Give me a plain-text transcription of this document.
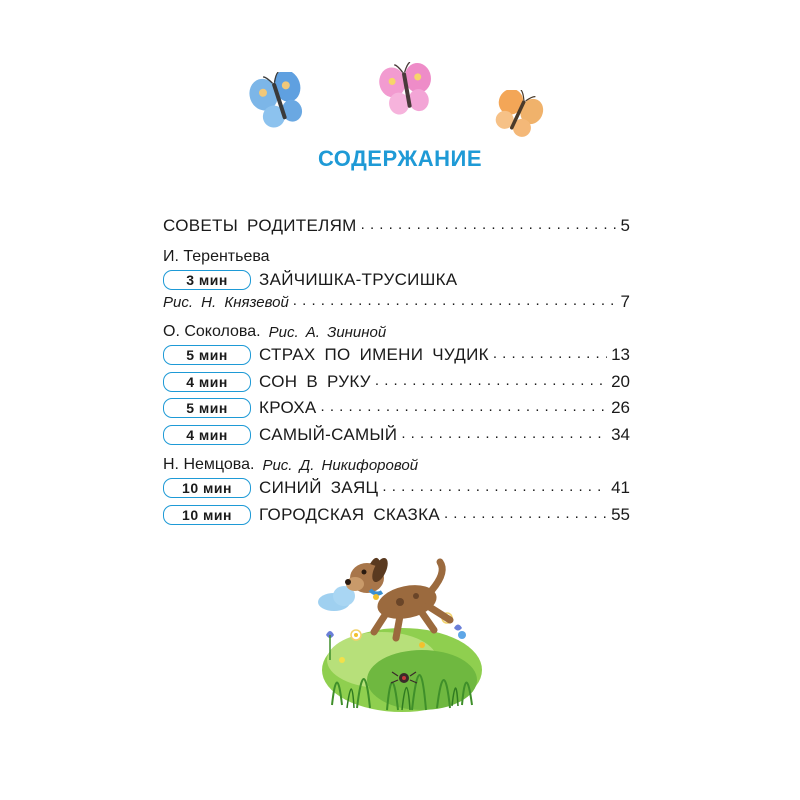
СОДЕРЖАНИЕ
СОВЕТЫ РОДИТЕЛЯМ . . .	5
И. Терентьева
3 мин	ЗАЙЧИШКА-ТРУСИШКА
Рис. Н. Князевой . . .	7
О. Соколова. Рис. А. Зининой
5 мин	СТРАХ ПО ИМЕНИ ЧУДИК . . .	13
4 мин	СОН В РУКУ . . .	20
5 мин	КРОХА . . .	26
4 мин	САМЫЙ-САМЫЙ . . .	34
Н. Немцова. Рис. Д. Никифоровой
10 мин	СИНИЙ ЗАЯЦ . . .	41
10 мин	ГОРОДСКАЯ СКАЗКА . . .	55
